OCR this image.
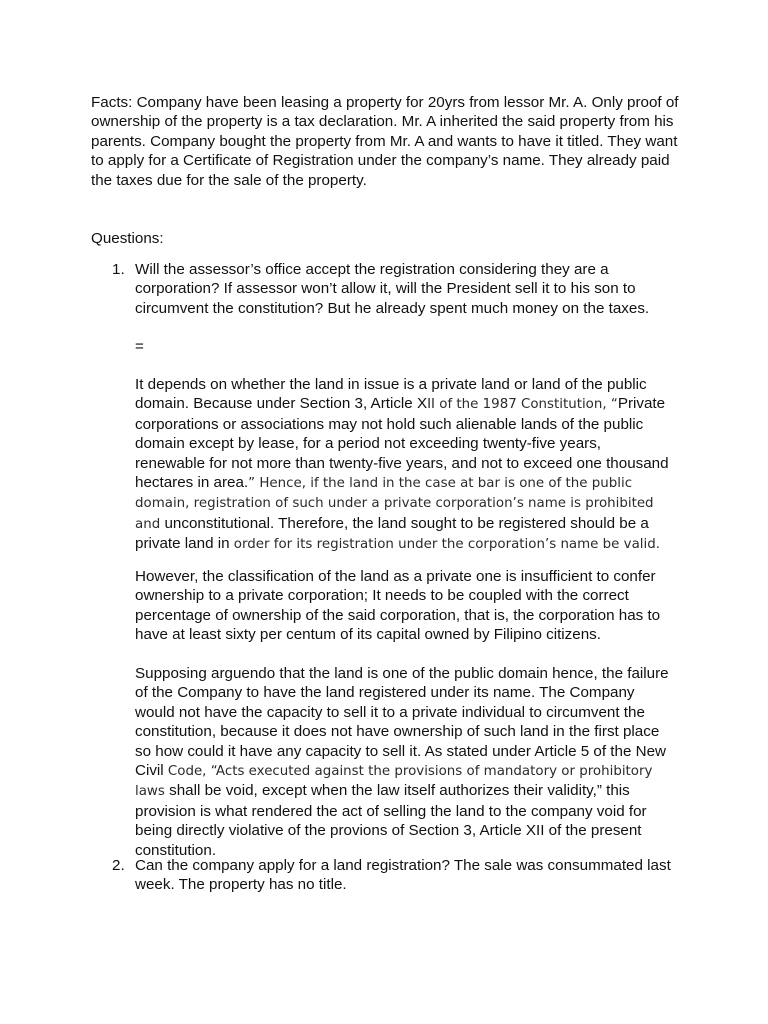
Facts: Company have been leasing a property for 20yrs from lessor Mr. A. Only proof of ownership of the property is a tax declaration. Mr. A inherited the said property from his parents. Company bought the property from Mr. A and wants to have it titled. They want to apply for a Certificate of Registration under the company’s name. They already paid the taxes due for the sale of the property.

Questions:

1. Will the assessor’s office accept the registration considering they are a corporation? If assessor won’t allow it, will the President sell it to his son to circumvent the constitution? But he already spent much money on the taxes.

=

It depends on whether the land in issue is a private land or land of the public domain. Because under Section 3, Article XII of the 1987 Constitution, “Private corporations or associations may not hold such alienable lands of the public domain except by lease, for a period not exceeding twenty-five years, renewable for not more than twenty-five years, and not to exceed one thousand hectares in area.” Hence, if the land in the case at bar is one of the public domain, registration of such under a private corporation’s name is prohibited and unconstitutional. Therefore, the land sought to be registered should be a private land in order for its registration under the corporation’s name be valid.

However, the classification of the land as a private one is insufficient to confer ownership to a private corporation; It needs to be coupled with the correct percentage of ownership of the said corporation, that is, the corporation has to have at least sixty per centum of its capital owned by Filipino citizens.

Supposing arguendo that the land is one of the public domain hence, the failure of the Company to have the land registered under its name. The Company would not have the capacity to sell it to a private individual to circumvent the constitution, because it does not have ownership of such land in the first place so how could it have any capacity to sell it. As stated under Article 5 of the New Civil Code, “Acts executed against the provisions of mandatory or prohibitory laws shall be void, except when the law itself authorizes their validity,” this provision is what rendered the act of selling the land to the company void for being directly violative of the provions of Section 3, Article XII of the present constitution.

2. Can the company apply for a land registration? The sale was consummated last week. The property has no title.
